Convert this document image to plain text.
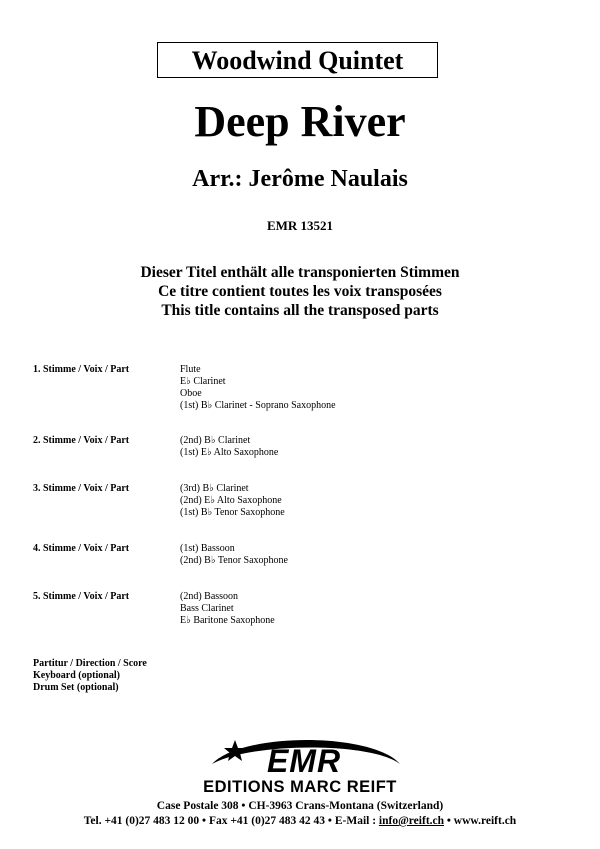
Woodwind Quintet
Deep River
Arr.: Jerôme Naulais
EMR 13521
Dieser Titel enthält alle transponierten Stimmen
Ce titre contient toutes les voix transposées
This title contains all the transposed parts
1. Stimme / Voix / Part	Flute
E♭ Clarinet
Oboe
(1st) B♭ Clarinet - Soprano Saxophone
2. Stimme / Voix / Part	(2nd) B♭ Clarinet
(1st) E♭ Alto Saxophone
3. Stimme / Voix / Part	(3rd) B♭ Clarinet
(2nd) E♭ Alto Saxophone
(1st) B♭ Tenor Saxophone
4. Stimme / Voix / Part	(1st) Bassoon
(2nd) B♭ Tenor Saxophone
5. Stimme / Voix / Part	(2nd) Bassoon
Bass Clarinet
E♭ Baritone Saxophone
Partitur / Direction / Score
Keyboard (optional)
Drum Set (optional)
EMR
EDITIONS MARC REIFT
Case Postale 308 • CH-3963 Crans-Montana (Switzerland)
Tel. +41 (0)27 483 12 00 • Fax +41 (0)27 483 42 43 • E-Mail : info@reift.ch • www.reift.ch
